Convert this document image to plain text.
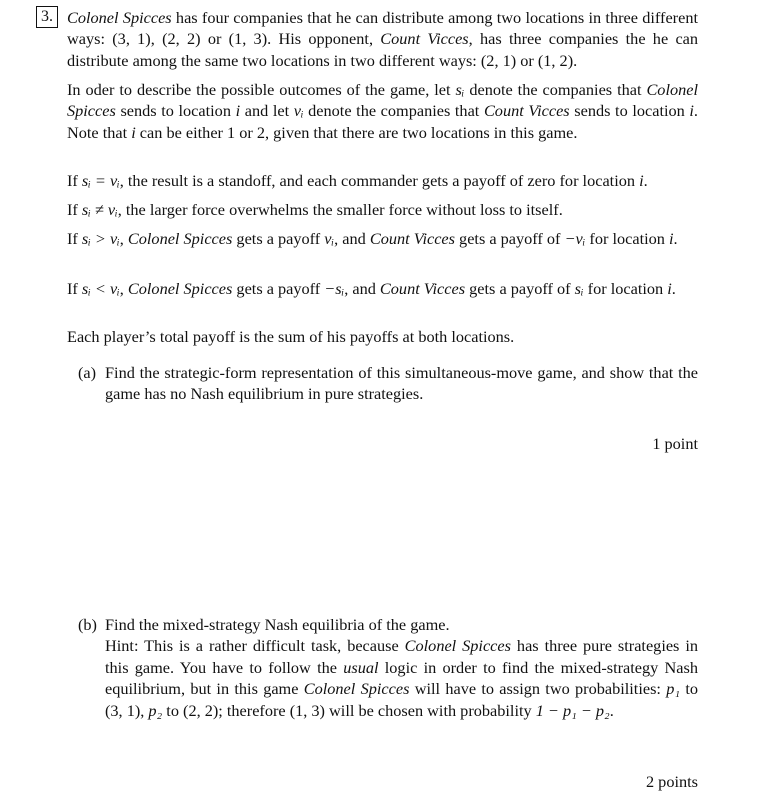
3. Colonel Spicces has four companies that he can distribute among two locations in three different ways: (3, 1), (2, 2) or (1, 3). His opponent, Count Vicces, has three companies the he can distribute among the same two locations in two different ways: (2, 1) or (1, 2).

In oder to describe the possible outcomes of the game, let sᵢ denote the companies that Colonel Spicces sends to location i and let vᵢ denote the companies that Count Vicces sends to location i. Note that i can be either 1 or 2, given that there are two locations in this game.

If sᵢ = vᵢ, the result is a standoff, and each commander gets a payoff of zero for location i.

If sᵢ ≠ vᵢ, the larger force overwhelms the smaller force without loss to itself.

If sᵢ > vᵢ, Colonel Spicces gets a payoff vᵢ, and Count Vicces gets a payoff of −vᵢ for location i.

If sᵢ < vᵢ, Colonel Spicces gets a payoff −sᵢ, and Count Vicces gets a payoff of sᵢ for location i.

Each player’s total payoff is the sum of his payoffs at both locations.

(a) Find the strategic-form representation of this simultaneous-move game, and show that the game has no Nash equilibrium in pure strategies.

1 point
(b) Find the mixed-strategy Nash equilibria of the game.

Hint: This is a rather difficult task, because Colonel Spicces has three pure strategies in this game. You have to follow the usual logic in order to find the mixed-strategy Nash equilibrium, but in this game Colonel Spicces will have to assign two probabilities: p₁ to (3, 1), p₂ to (2, 2); therefore (1, 3) will be chosen with probability 1 − p₁ − p₂.

2 points
